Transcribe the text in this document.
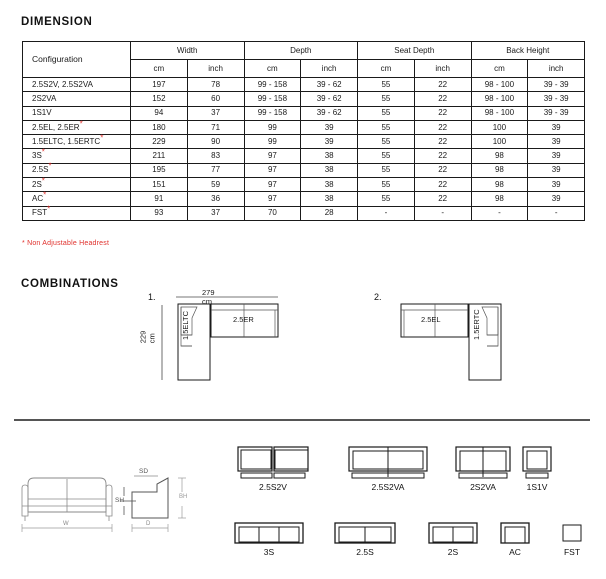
DIMENSION
Configuration	Width		Depth		Seat Depth		Back Height	
	cm	inch	cm	inch	cm	inch	cm	inch
2.5S2V, 2.5S2VA	197	78	99 - 158	39 - 62	55	22	98 - 100	39 - 39
2S2VA	152	60	99 - 158	39 - 62	55	22	98 - 100	39 - 39
1S1V	94	37	99 - 158	39 - 62	55	22	98 - 100	39 - 39
2.5EL, 2.5ER*	180	71	99	39	55	22	100	39
1.5ELTC, 1.5ERTC*	229	90	99	39	55	22	100	39
3S*	211	83	97	38	55	22	98	39
2.5S*	195	77	97	38	55	22	98	39
2S*	151	59	97	38	55	22	98	39
AC*	91	36	97	38	55	22	98	39
FST*	93	37	70	28	-	-	-	-
* Non Adjustable Headrest
COMBINATIONS
1.	279 cm
229 cm	1.5ELTC	2.5ER
2.
2.5EL	1.5ERTC
W	D
SD
SH	BH
2.5S2V	2.5S2VA	2S2VA	1S1V
3S	2.5S	2S	AC	FST
